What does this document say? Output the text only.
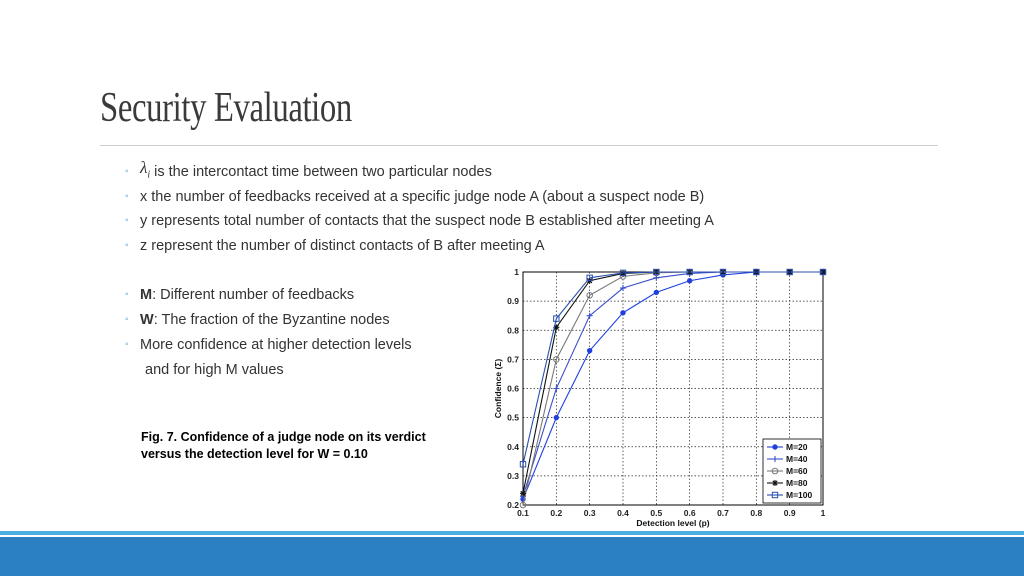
Security Evaluation
◦ $\lambda_i$ is the intercontact time between two particular nodes
◦ x the number of feedbacks received at a specific judge node A (about a suspect node B)
◦ y represents total number of contacts that the suspect node B established after meeting A
◦ z represent the number of distinct contacts of B after meeting A
◦ M : Different number of feedbacks
◦ W : The fraction of the Byzantine nodes
◦ More confidence at higher detection levels
and for high M values

Fig. 7. Confidence of a judge node on its verdict
versus the detection level for W = 0.10

0.1	0.2	0.3	0.4	0.5	0.6	0.7	0.8	0.9	1
0.2
0.3
0.4
0.5
0.6
0.7
0.8
0.9
1
Detection level (p)
Confidence (Σ)
M=20
M=40
M=60
M=80
M=100
